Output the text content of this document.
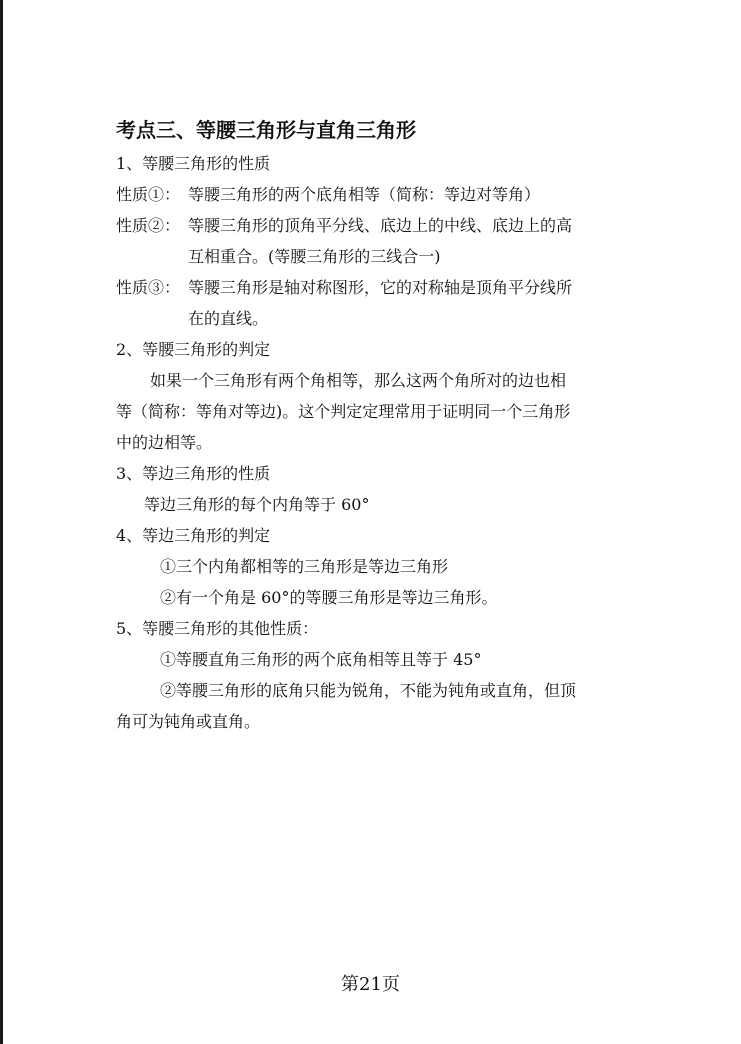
考点三、等腰三角形与直角三角形
1、等腰三角形的性质
性质①： 等腰三角形的两个底角相等（简称：等边对等角）
性质②： 等腰三角形的顶角平分线、底边上的中线、底边上的高
互相重合。(等腰三角形的三线合一)
性质③： 等腰三角形是轴对称图形，它的对称轴是顶角平分线所
在的直线。
2、等腰三角形的判定
如果一个三角形有两个角相等，那么这两个角所对的边也相
等（简称：等角对等边)。这个判定定理常用于证明同一个三角形
中的边相等。
3、等边三角形的性质
等边三角形的每个内角等于 60°
4、等边三角形的判定
①三个内角都相等的三角形是等边三角形
②有一个角是 60°的等腰三角形是等边三角形。
5、等腰三角形的其他性质：
①等腰直角三角形的两个底角相等且等于 45°
②等腰三角形的底角只能为锐角，不能为钝角或直角，但顶
角可为钝角或直角。
第21页
